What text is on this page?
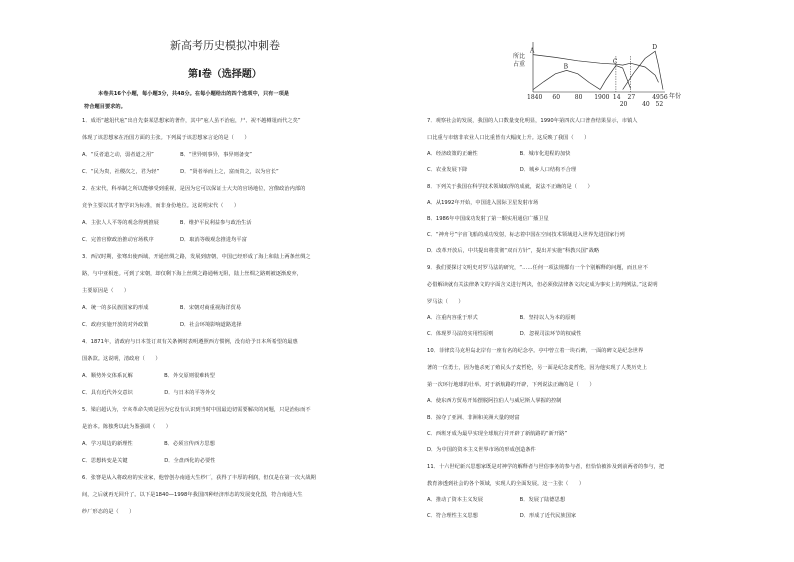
新高考历史模拟冲刺卷
第Ⅰ卷（选择题）
本卷共16个小题，每小题3分，共48分。在每小题给出的四个选项中，只有一项是
符合题目要求的。
1．成语“越俎代庖”出自先秦某思想家的著作，其中“庖人虽不治庖，尸、祝不越樽俎而代之矣”
体现了该思想家在治国方面的主张。下列属于该思想家言论的是（　　）
A．“反者道之动，弱者道之用”　　　　　B．“世异则事异，事异则备变”
C．“民为贵，社稷次之，君为轻”　　　　D．“贤者举而上之，富而贵之，以为官长”
2．在宋代，科举制之所以能够受到重视，是因为它可以保证士大夫的官场地位，宫僚政治内部的
竞争主要以其才智学识为标准，而非身份地位。这说明宋代（　　）
A．主张人人平等的观念得到推展　　　　B．维护平民利益参与政治生活
C．完善官僚政治推动官场秩序　　　　　D．取消等级观念推进均平富
3．西汉时期，张骞出使西域，开通丝绸之路，发展到唐朝，中国已经形成了海上和陆上两条丝绸之
路，与中亚相连。可到了宋朝，却仅剩下海上丝绸之路通畅无阻，陆上丝绸之路则被逐渐废弃，
主要原因是（　　）
A．统一的多民族国家的形成　　　　　　B．宋朝对商重视海洋贸易
C．政府实施开放的对外政策　　　　　　D．社会环境影响道路选择
4．1871年，清政府与日本签订双有关条例时表明遵照西方惯例，没有给予日本所希望的最惠
国条款。这说明，清政府（　　）
A．顺势外交体系瓦解　　　　　　B．外交原则很难转型
C．具有近代外交意识　　　　　　D．与日本的平等外交
5．梁启超认为，辛亥革命失败是因为它没有认识到当时中国最迫切需要解决的问题，只是治标而不
是治本。陈独秀以此为鉴强调（　　）
A．学习周边的新理性　　　　　　B．必须宣传西方思想
C．思想转变是关键　　　　　　　D．全盘西化的必要性
6．张謇是从入将政府的实业家，他曾创办南通大生纱厂，获得了丰厚的利润，但仅是在第一次大战期
间，之后就再无回升了。以下是1840—1998年我国四种经济形态的发展变化图，符合南通大生
纱厂形态的是（　　）
7．观察社会的发展，我国的人口数量变化明显，1990年第四次人口普查结果显示，市镇人
口比重与市辖非农业人口比重皆有大幅度上升。这反映了我国（　　）
A．经济政策的正确性　　　　　　　　B．城市化进程的加快
C．农业发展下降　　　　　　　　　　D．城乡人口结构不合理
8．下列关于我国在科学技术领域取得的成就，说法不正确的是（　　）
A．从1992年开始，中国进入国际卫星发射市场
B．1986年中国成功发射了第一颗实用通信广播卫星
C．“神舟号”宇宙飞船的成功发射，标志着中国在空间技术领域进入世界先进国家行列
D．改革开放后，中共提出将贯彻“双百方针”，提出并实施“科教兴国”战略
9．我们要探讨文明史对罗马法的研究，“……任何一项法规都有一个个别解释的问题，而且应不
必借解读就有关法律条文的字面含义进行判决，但必须依法律条文决定成为事实上的判例法。”这说明
罗马法（　　）
A．注重内容重于形式　　　　　　　　B．坚持以人为本的原则
C．体现罗马法的实用性原则　　　　　D．忽视司法环节的权威性
10．菲律宾马克坦岛北岸有一座有名的纪念亭。亭中曾立着一块石碑，一面的碑文是纪念世界
著的一位勇士，因为他杀死了殖民头子麦哲伦，另一面是纪念麦哲伦，因为他实现了人类历史上
第一次环行地球的壮举。对于新航路的开辟，下列说法正确的是（　　）
A．使东西方贸易开始摆脱阿拉伯人与威尼斯人掌握的控制
B．掠夺了亚洲、非洲和美洲大量的财富
C．西班牙成为最早实现全球航行并开辟了新航路的“新开路”
D．为中国的资本主义世界市场的形成创造条件
11．十六世纪新兴思想家既是对神学的解释者与世俗事务的参与者，但恰恰被涉及到前两者的参与，把
教育渗透到社会的各个领域，实现人的全面发展。这一主张（　　）
A．推动了资本主义发展　　　　　　　B．发展了陆德思想
C．符合理性主义思想　　　　　　　　D．形成了近代民族国家
所
占
比
重
A
B
C
D
1840 60 80 1900 14 27	49 56
20 40 52
年份
